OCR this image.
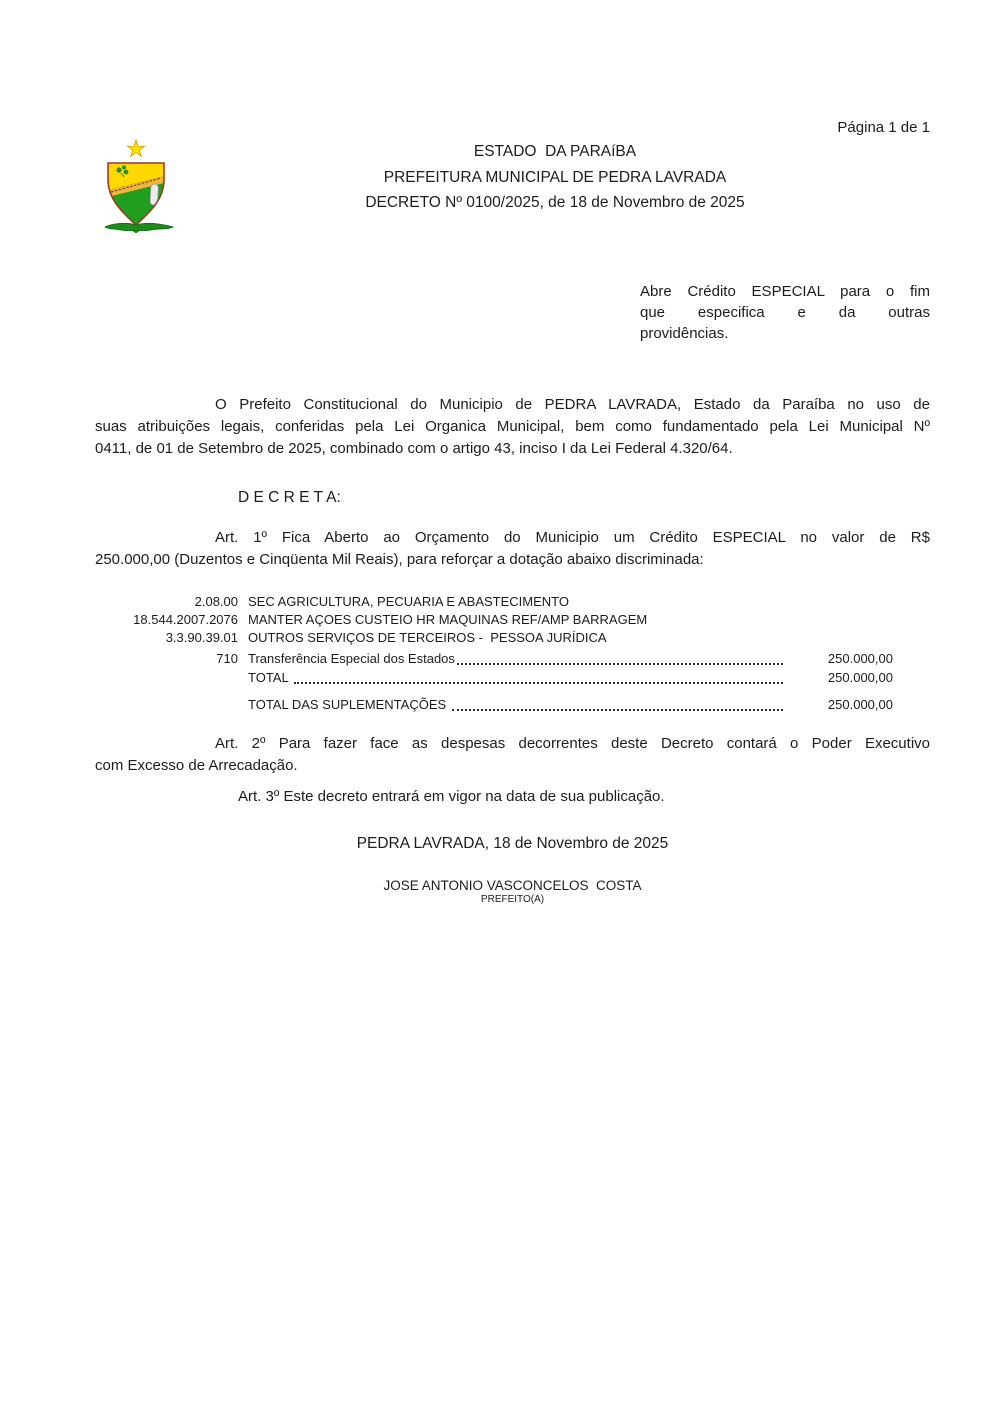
Página 1 de 1
ESTADO  DA PARAíBA
PREFEITURA MUNICIPAL DE PEDRA LAVRADA
DECRETO Nº 0100/2025, de 18 de Novembro de 2025
Abre Crédito ESPECIAL para o fim
que especifica e da outras
providências.
O Prefeito Constitucional do Municipio de PEDRA LAVRADA, Estado da Paraíba no uso de
suas atribuições legais, conferidas pela Lei Organica Municipal, bem como fundamentado pela Lei Municipal Nº
0411, de 01 de Setembro de 2025, combinado com o artigo 43, inciso I da Lei Federal 4.320/64.
D E C R E T A:
Art. 1º Fica Aberto ao Orçamento do Municipio um Crédito ESPECIAL no valor de R$
250.000,00 (Duzentos e Cinqüenta Mil Reais), para reforçar a dotação abaixo discriminada:
2.08.00 SEC AGRICULTURA, PECUARIA E ABASTECIMENTO
18.544.2007.2076 MANTER AÇOES CUSTEIO HR MAQUINAS REF/AMP BARRAGEM
3.3.90.39.01 OUTROS SERVIÇOS DE TERCEIROS -  PESSOA JURÍDICA
710 Transferência Especial dos Estados	250.000,00
TOTAL	250.000,00
TOTAL DAS SUPLEMENTAÇÕES	250.000,00
Art. 2º Para fazer face as despesas decorrentes deste Decreto contará o Poder Executivo
com Excesso de Arrecadação.
Art. 3º Este decreto entrará em vigor na data de sua publicação.
PEDRA LAVRADA, 18 de Novembro de 2025
JOSE ANTONIO VASCONCELOS  COSTA
PREFEITO(A)
